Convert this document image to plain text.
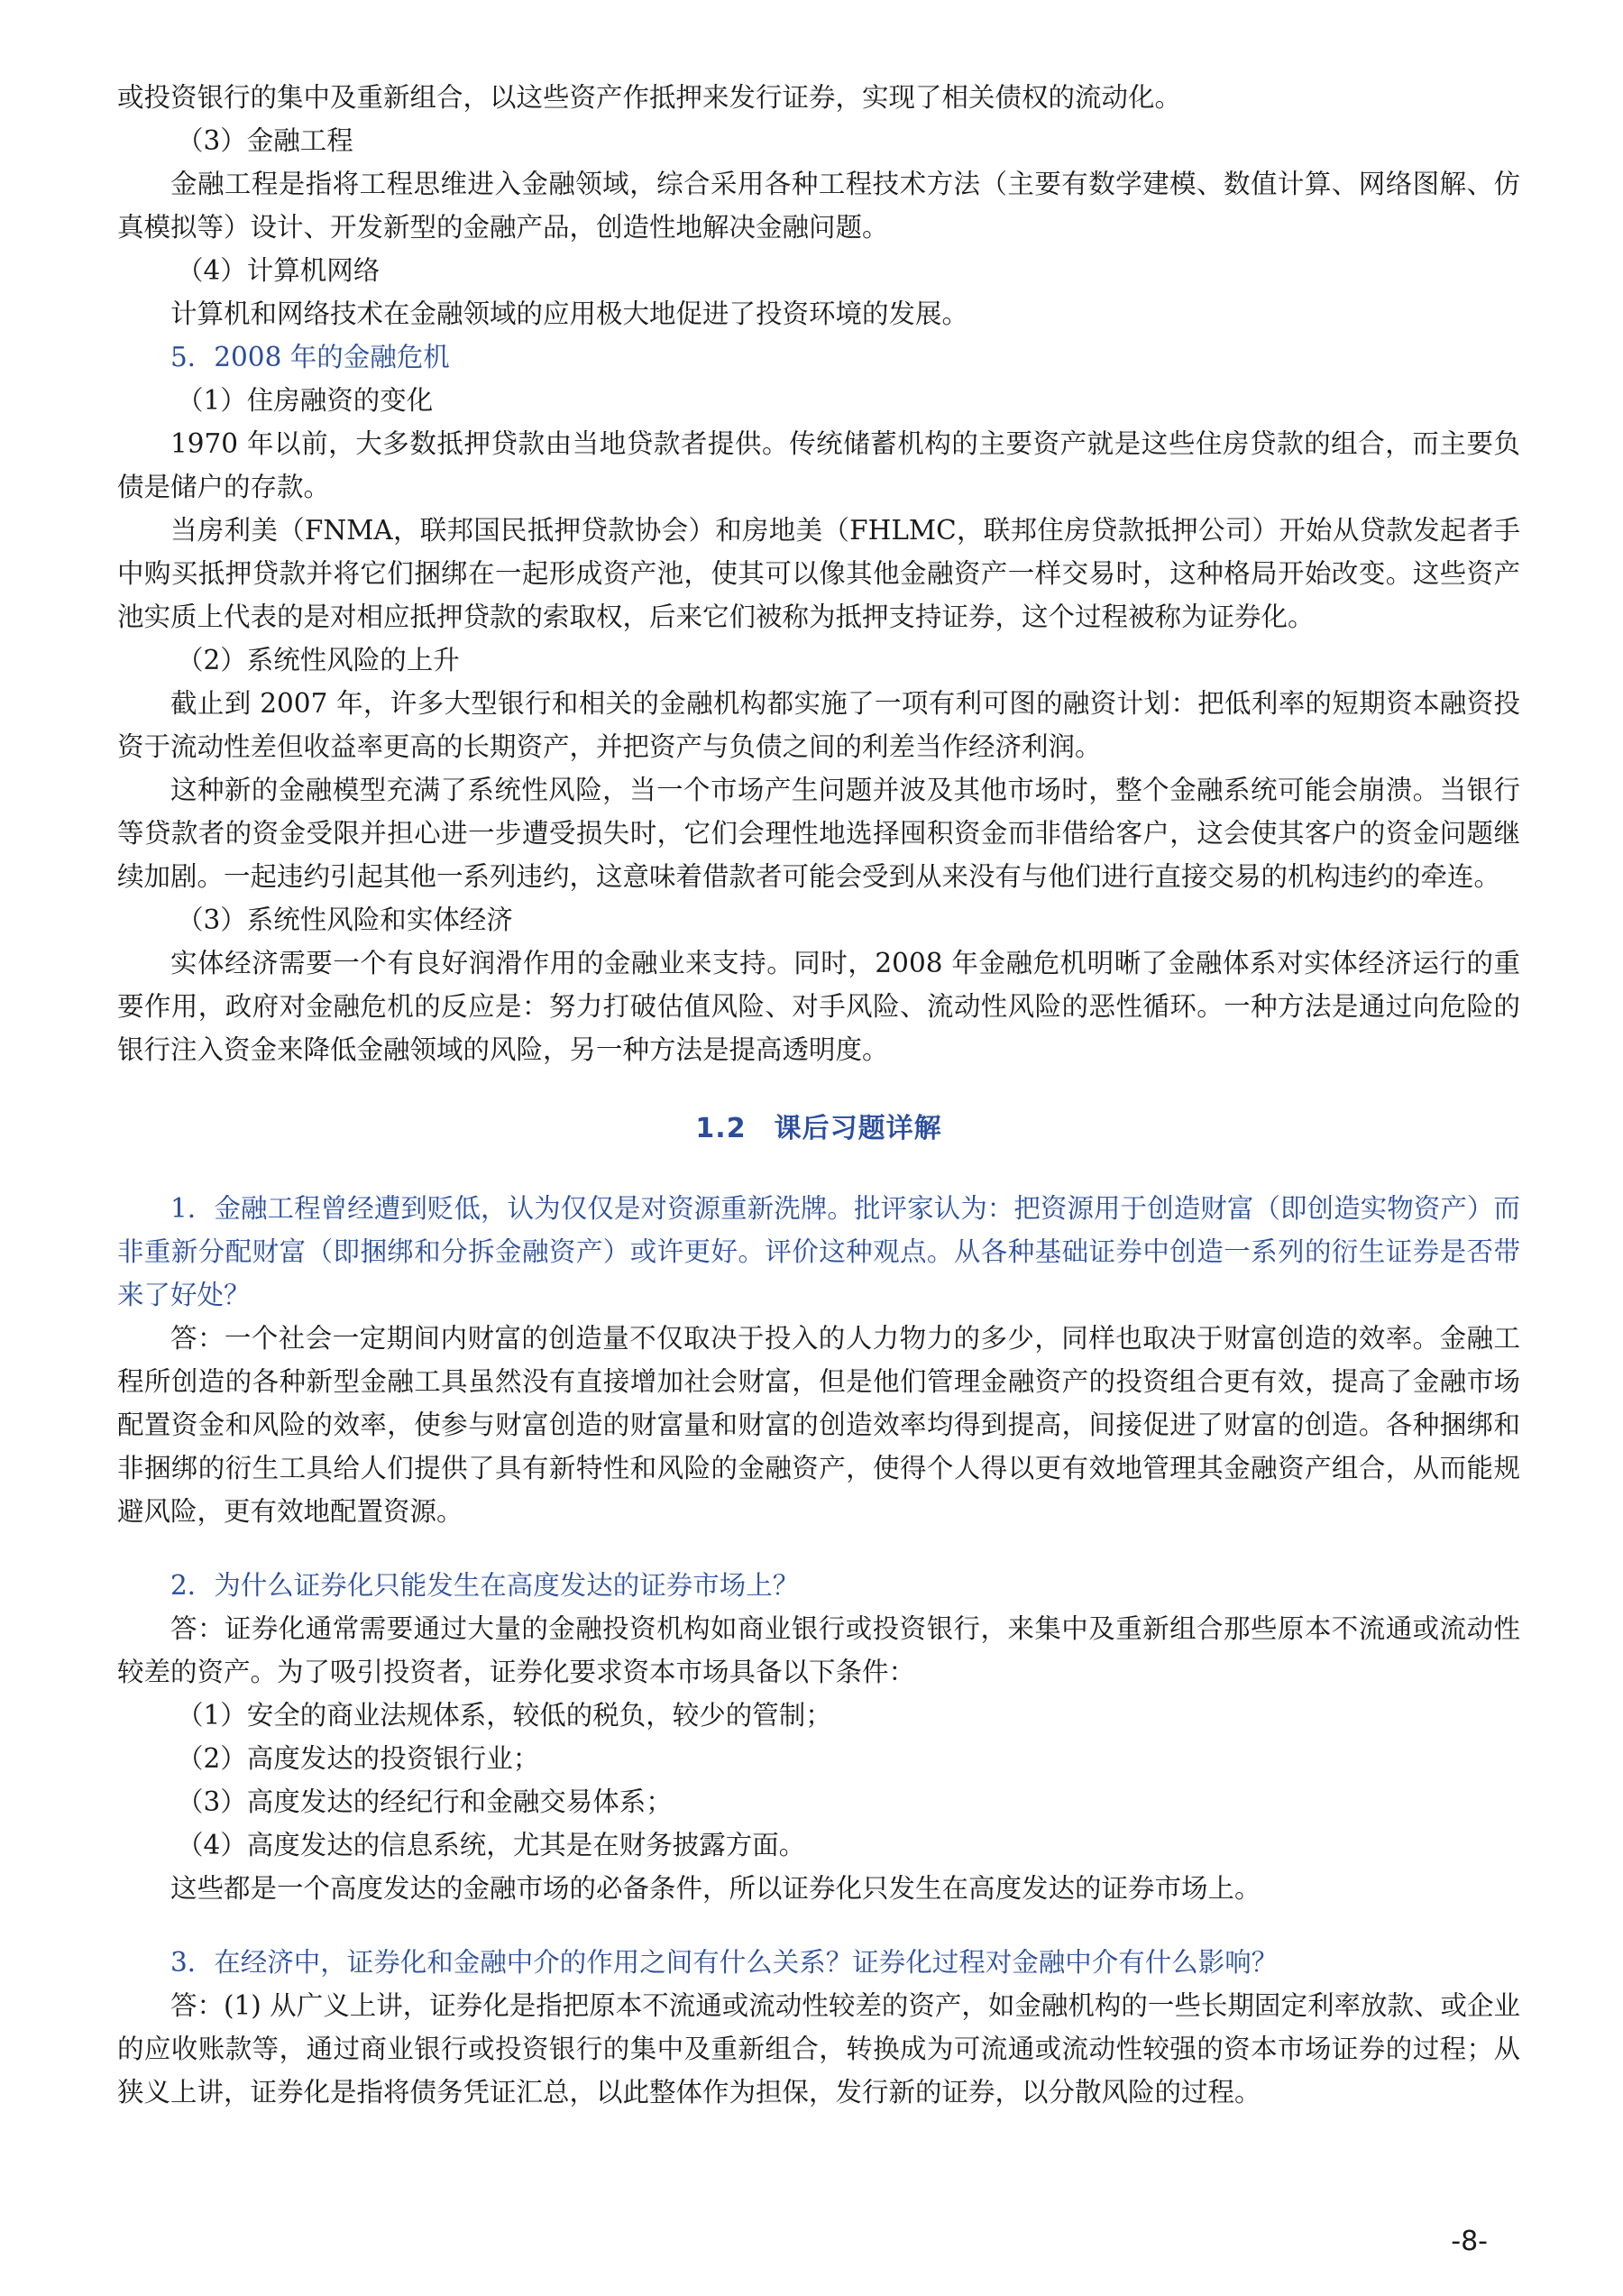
或投资银行的集中及重新组合，以这些资产作抵押来发行证券，实现了相关债权的流动化。

（3）金融工程

金融工程是指将工程思维进入金融领域，综合采用各种工程技术方法（主要有数学建模、数值计算、网络图解、仿真模拟等）设计、开发新型的金融产品，创造性地解决金融问题。

（4）计算机网络

计算机和网络技术在金融领域的应用极大地促进了投资环境的发展。

5．2008 年的金融危机

（1）住房融资的变化

1970 年以前，大多数抵押贷款由当地贷款者提供。传统储蓄机构的主要资产就是这些住房贷款的组合，而主要负债是储户的存款。

当房利美（FNMA，联邦国民抵押贷款协会）和房地美（FHLMC，联邦住房贷款抵押公司）开始从贷款发起者手中购买抵押贷款并将它们捆绑在一起形成资产池，使其可以像其他金融资产一样交易时，这种格局开始改变。这些资产池实质上代表的是对相应抵押贷款的索取权，后来它们被称为抵押支持证券，这个过程被称为证券化。

（2）系统性风险的上升

截止到 2007 年，许多大型银行和相关的金融机构都实施了一项有利可图的融资计划：把低利率的短期资本融资投资于流动性差但收益率更高的长期资产，并把资产与负债之间的利差当作经济利润。

这种新的金融模型充满了系统性风险，当一个市场产生问题并波及其他市场时，整个金融系统可能会崩溃。当银行等贷款者的资金受限并担心进一步遭受损失时，它们会理性地选择囤积资金而非借给客户，这会使其客户的资金问题继续加剧。一起违约引起其他一系列违约，这意味着借款者可能会受到从来没有与他们进行直接交易的机构违约的牵连。

（3）系统性风险和实体经济

实体经济需要一个有良好润滑作用的金融业来支持。同时，2008 年金融危机明晰了金融体系对实体经济运行的重要作用，政府对金融危机的反应是：努力打破估值风险、对手风险、流动性风险的恶性循环。一种方法是通过向危险的银行注入资金来降低金融领域的风险，另一种方法是提高透明度。

1.2　课后习题详解

1．金融工程曾经遭到贬低，认为仅仅是对资源重新洗牌。批评家认为：把资源用于创造财富（即创造实物资产）而非重新分配财富（即捆绑和分拆金融资产）或许更好。评价这种观点。从各种基础证券中创造一系列的衍生证券是否带来了好处？

答：一个社会一定期间内财富的创造量不仅取决于投入的人力物力的多少，同样也取决于财富创造的效率。金融工程所创造的各种新型金融工具虽然没有直接增加社会财富，但是他们管理金融资产的投资组合更有效，提高了金融市场配置资金和风险的效率，使参与财富创造的财富量和财富的创造效率均得到提高，间接促进了财富的创造。各种捆绑和非捆绑的衍生工具给人们提供了具有新特性和风险的金融资产，使得个人得以更有效地管理其金融资产组合，从而能规避风险，更有效地配置资源。

2．为什么证券化只能发生在高度发达的证券市场上？

答：证券化通常需要通过大量的金融投资机构如商业银行或投资银行，来集中及重新组合那些原本不流通或流动性较差的资产。为了吸引投资者，证券化要求资本市场具备以下条件：

（1）安全的商业法规体系，较低的税负，较少的管制；

（2）高度发达的投资银行业；

（3）高度发达的经纪行和金融交易体系；

（4）高度发达的信息系统，尤其是在财务披露方面。

这些都是一个高度发达的金融市场的必备条件，所以证券化只发生在高度发达的证券市场上。

3．在经济中，证券化和金融中介的作用之间有什么关系？证券化过程对金融中介有什么影响？

答：(1) 从广义上讲，证券化是指把原本不流通或流动性较差的资产，如金融机构的一些长期固定利率放款、或企业的应收账款等，通过商业银行或投资银行的集中及重新组合，转换成为可流通或流动性较强的资本市场证券的过程；从狭义上讲，证券化是指将债务凭证汇总，以此整体作为担保，发行新的证券，以分散风险的过程。

-8-
